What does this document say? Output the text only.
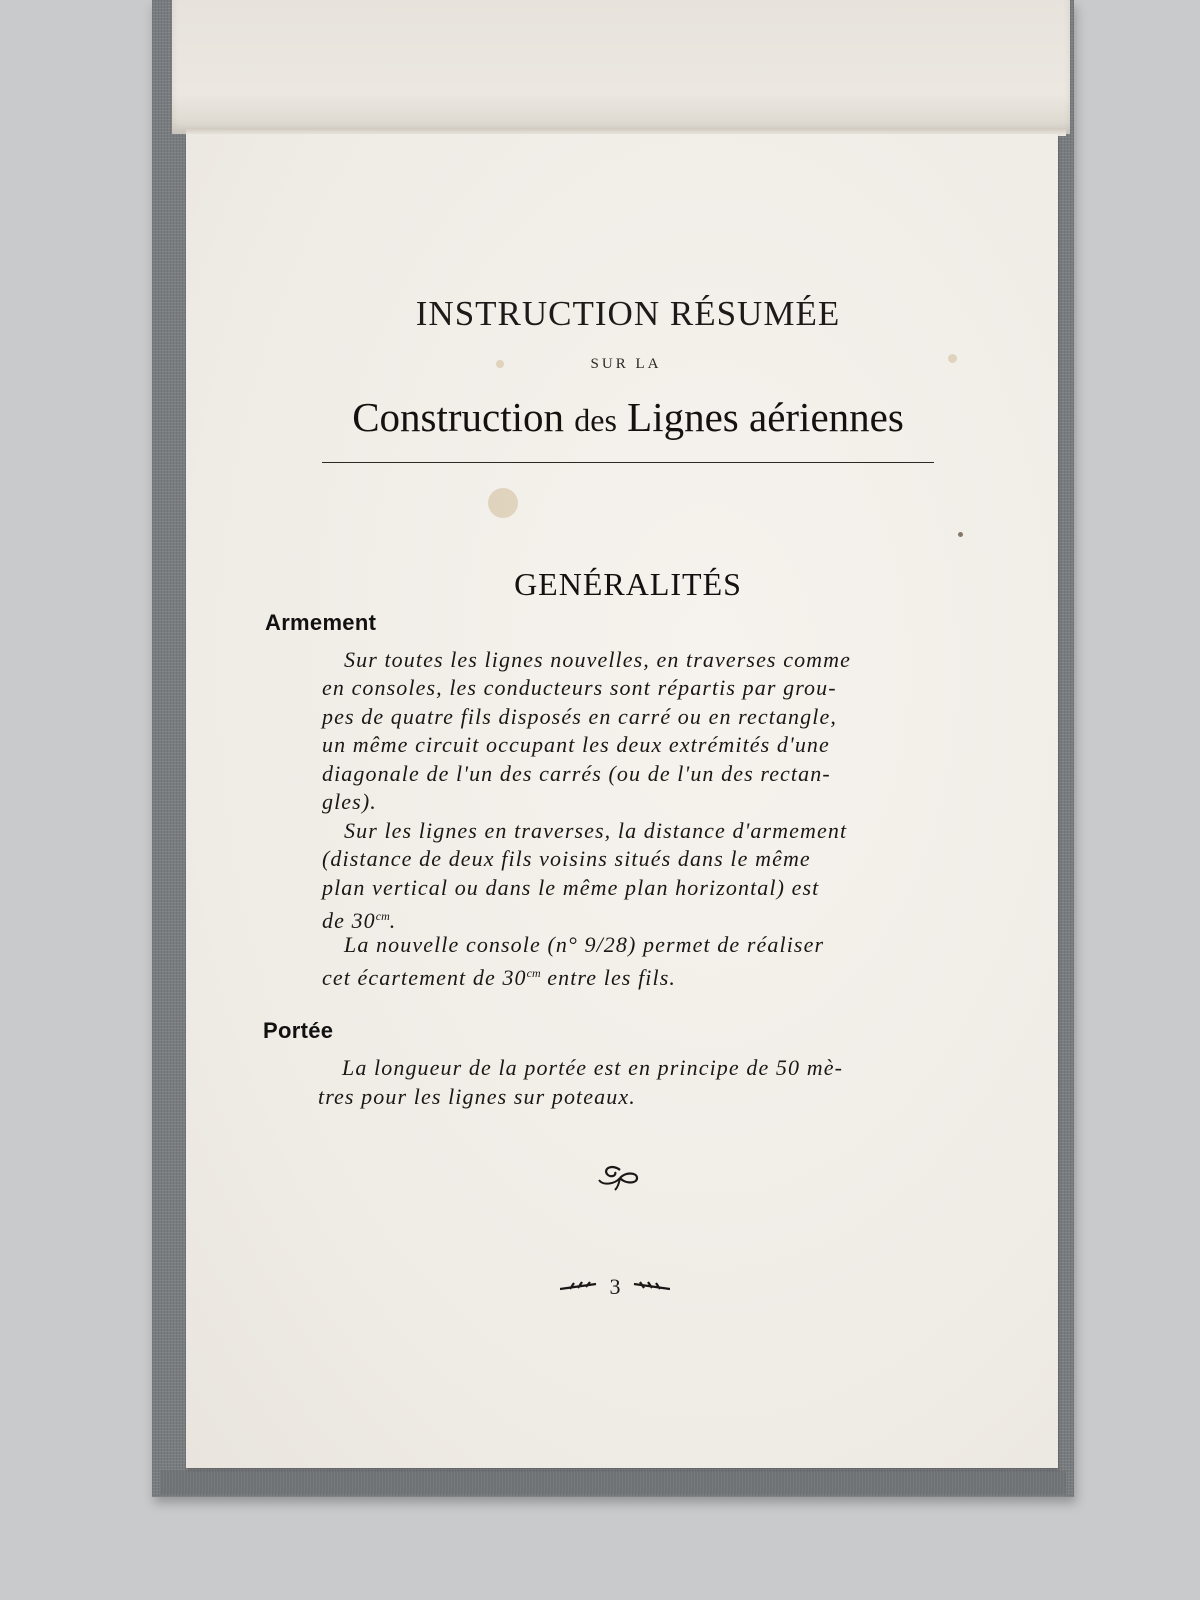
INSTRUCTION RÉSUMÉE
SUR LA
Construction des Lignes aériennes
GENÉRALITÉS
Armement
Sur toutes les lignes nouvelles, en traverses comme
en consoles, les conducteurs sont répartis par grou-
pes de quatre fils disposés en carré ou en rectangle,
un même circuit occupant les deux extrémités d'une
diagonale de l'un des carrés (ou de l'un des rectan-
gles).
Sur les lignes en traverses, la distance d'armement
(distance de deux fils voisins situés dans le même
plan vertical ou dans le même plan horizontal) est
de $30^{cm}$.
La nouvelle console (n° 9/28) permet de réaliser
cet écartement de $30^{cm}$ entre les fils.
Portée
La longueur de la portée est en principe de 50 mè-
tres pour les lignes sur poteaux.
3
